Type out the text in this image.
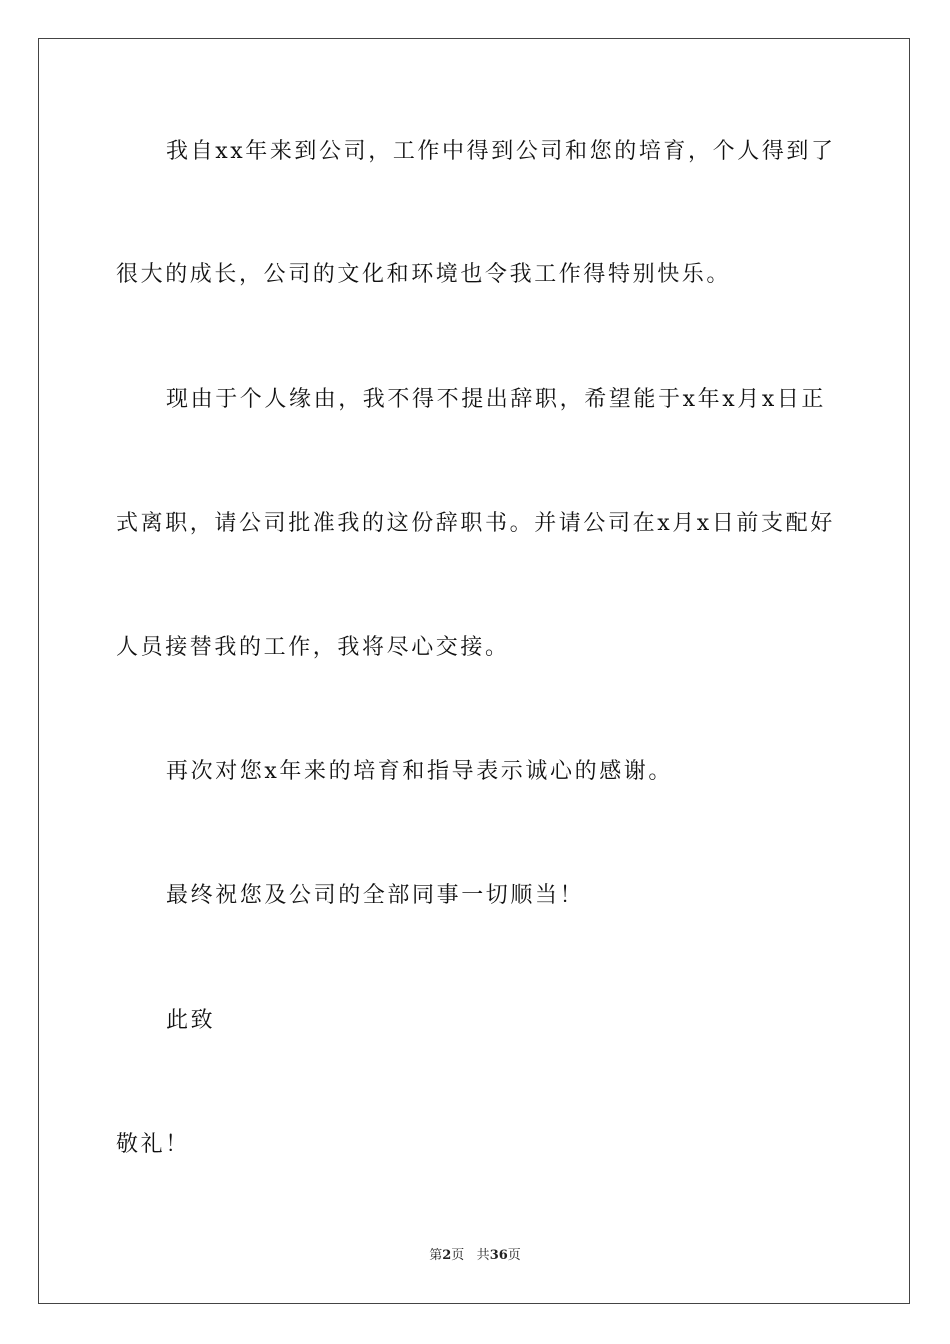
我自xx年来到公司，工作中得到公司和您的培育，个人得到了
很大的成长，公司的文化和环境也令我工作得特别快乐。
现由于个人缘由，我不得不提出辞职，希望能于x年x月x日正
式离职，请公司批准我的这份辞职书。并请公司在x月x日前支配好
人员接替我的工作，我将尽心交接。
再次对您x年来的培育和指导表示诚心的感谢。
最终祝您及公司的全部同事一切顺当！
此致
敬礼！
第2页 共36页
